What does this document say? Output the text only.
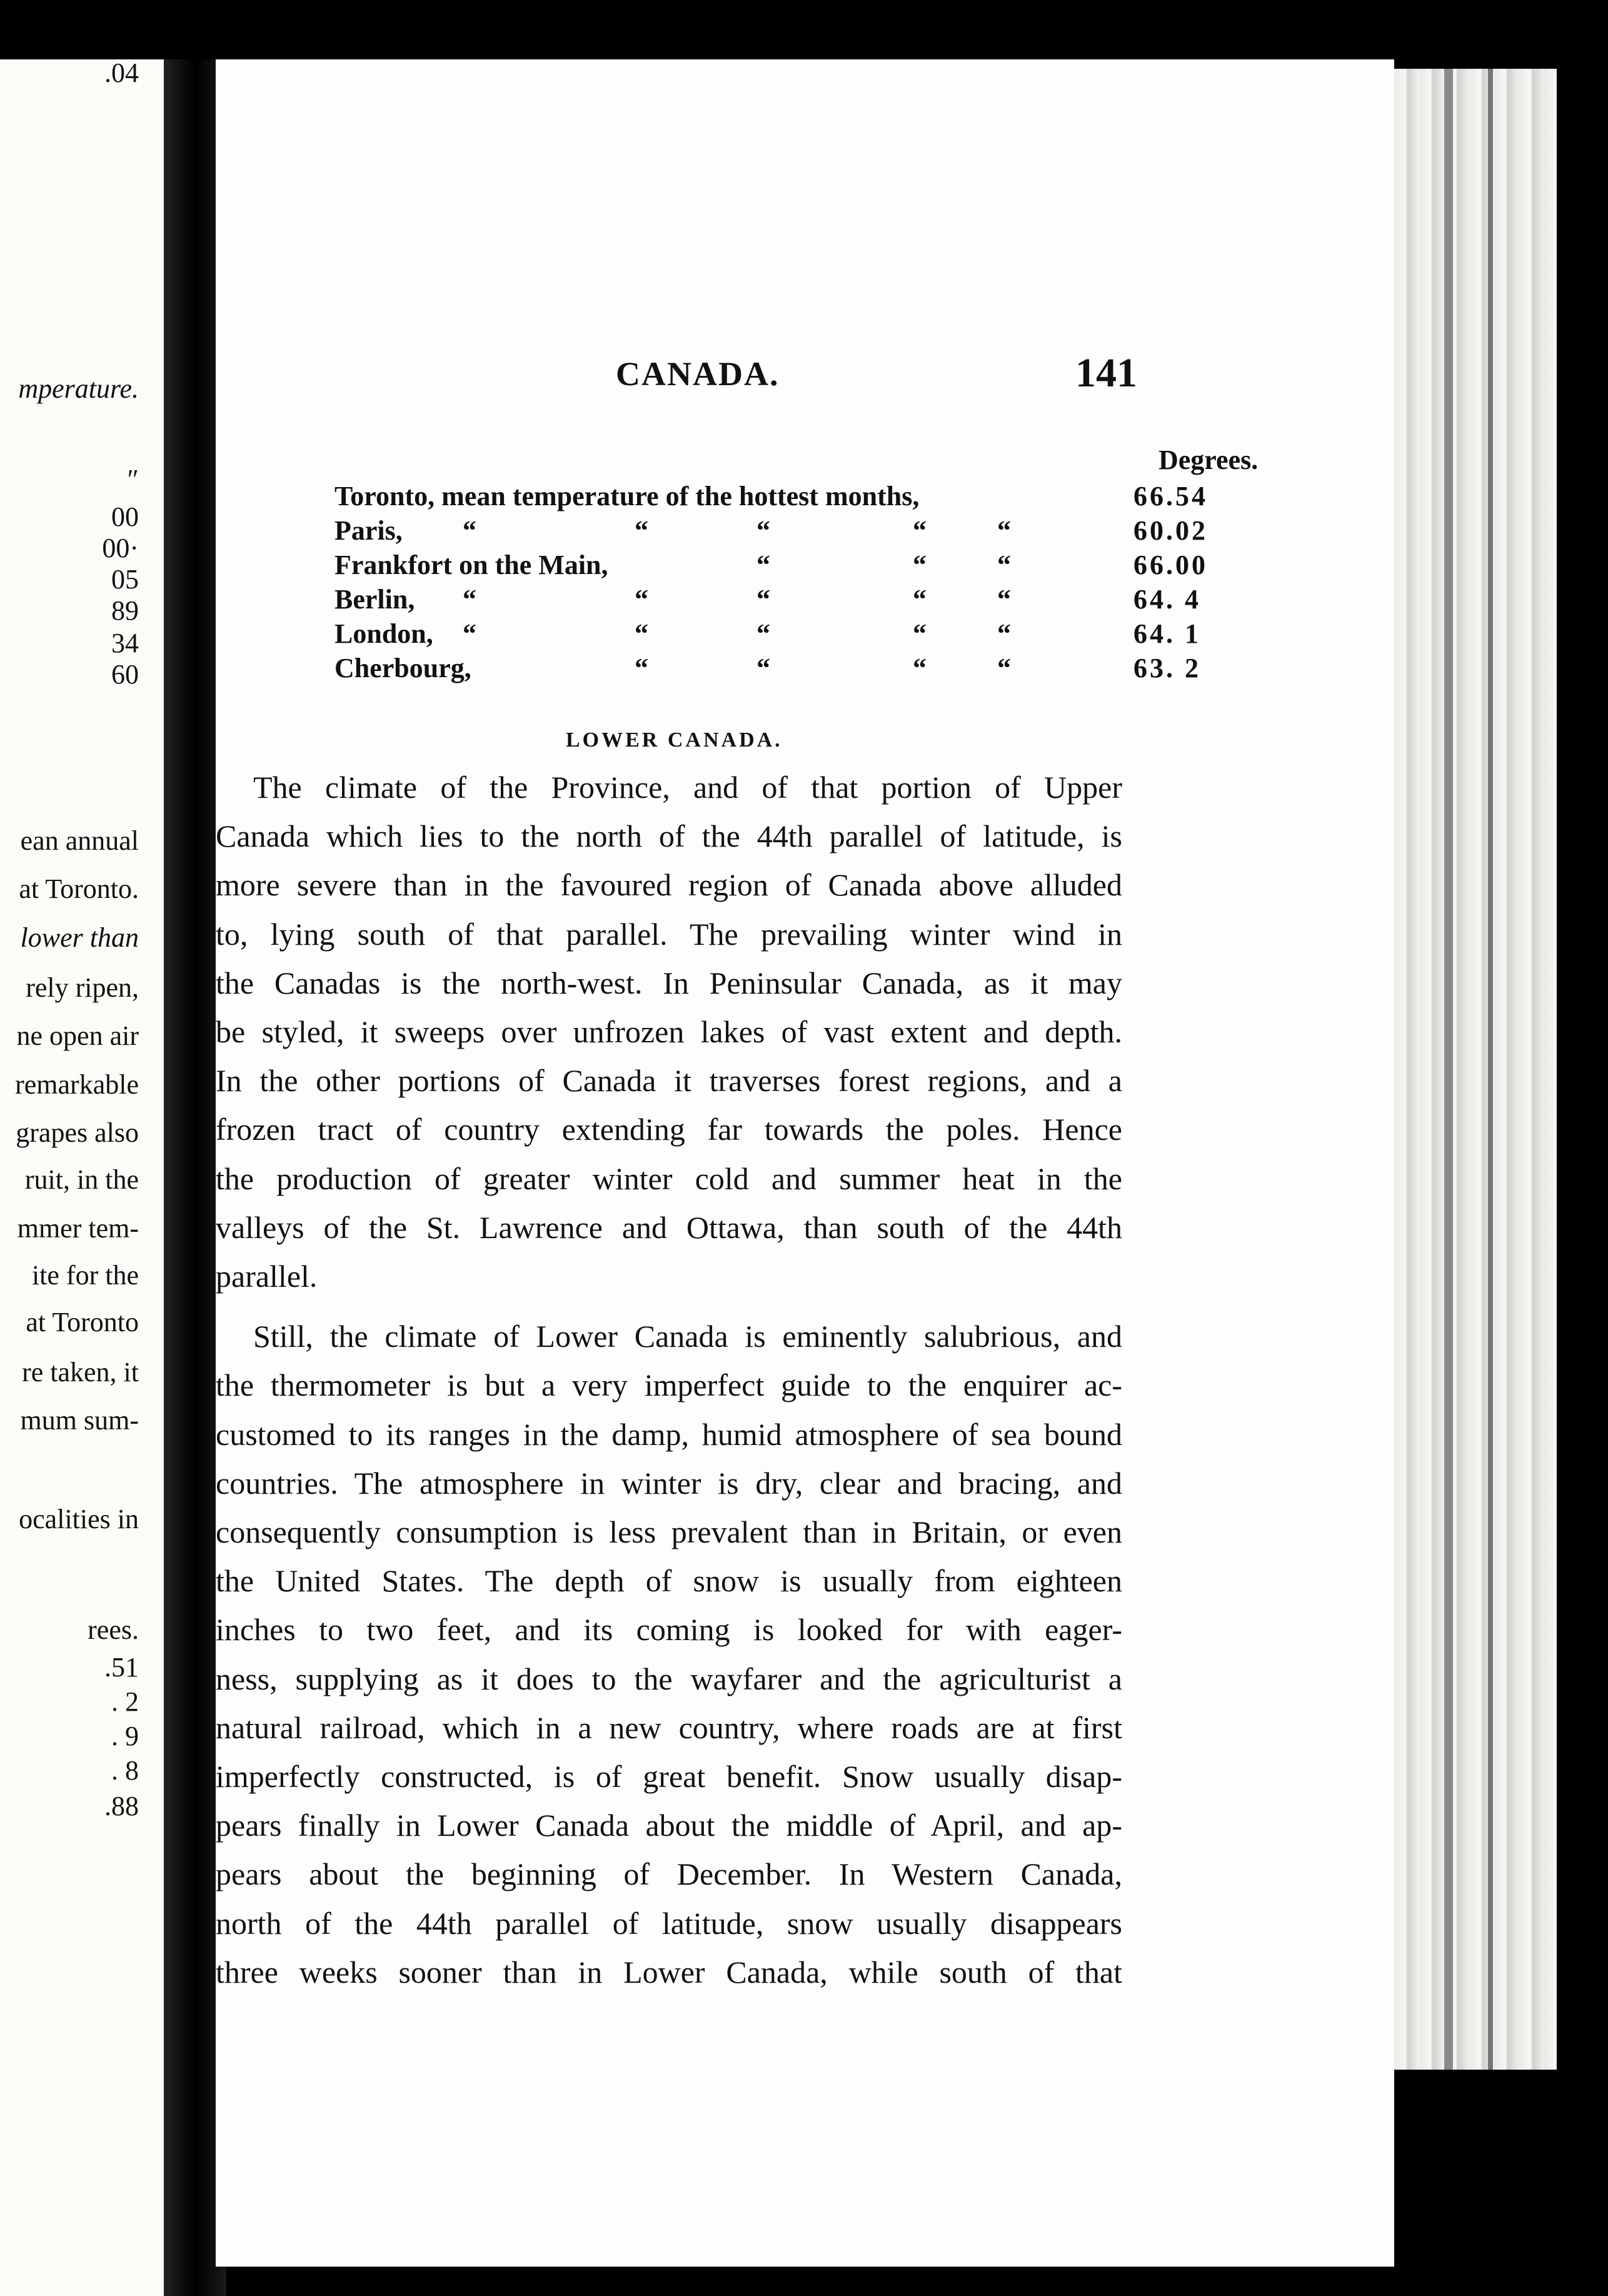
mperature.
″
00
00·
05
89
34
60
ean annual
at Toronto.
lower than
rely ripen,
ne open air
remarkable
grapes also
ruit, in the
mmer tem-
ite for the
at Toronto
re taken, it
mum sum-
ocalities in
rees.
.51
. 2
. 9
. 8
.88
.04
CANADA.	141
Degrees.
Toronto, mean temperature of the hottest months,	66.54
Paris, “	“	“	“	“	60.02
Frankfort on the Main,	“	“	“	66.00
Berlin, “	“	“	“	“	64. 4
London, “	“	“	“	“	64. 1
Cherbourg,	“	“	“	“	63. 2
LOWER CANADA.
The climate of the Province, and of that portion of Upper
Canada which lies to the north of the 44th parallel of latitude, is
more severe than in the favoured region of Canada above alluded
to, lying south of that parallel. The prevailing winter wind in
the Canadas is the north-west. In Peninsular Canada, as it may
be styled, it sweeps over unfrozen lakes of vast extent and depth.
In the other portions of Canada it traverses forest regions, and a
frozen tract of country extending far towards the poles. Hence
the production of greater winter cold and summer heat in the
valleys of the St. Lawrence and Ottawa, than south of the 44th
parallel.
Still, the climate of Lower Canada is eminently salubrious, and
the thermometer is but a very imperfect guide to the enquirer ac-
customed to its ranges in the damp, humid atmosphere of sea bound
countries. The atmosphere in winter is dry, clear and bracing, and
consequently consumption is less prevalent than in Britain, or even
the United States. The depth of snow is usually from eighteen
inches to two feet, and its coming is looked for with eager-
ness, supplying as it does to the wayfarer and the agriculturist a
natural railroad, which in a new country, where roads are at first
imperfectly constructed, is of great benefit. Snow usually disap-
pears finally in Lower Canada about the middle of April, and ap-
pears about the beginning of December. In Western Canada,
north of the 44th parallel of latitude, snow usually disappears
three weeks sooner than in Lower Canada, while south of that
